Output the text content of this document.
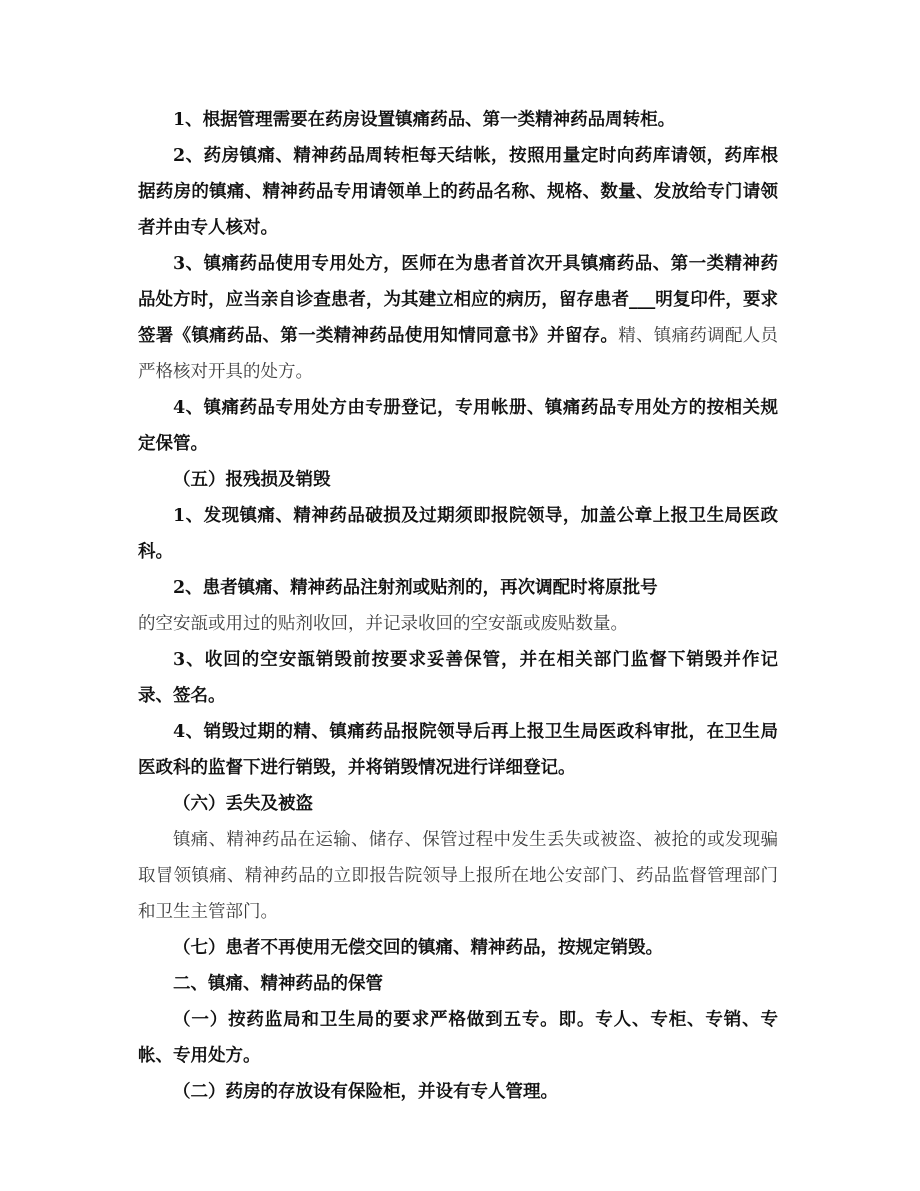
1、根据管理需要在药房设置镇痛药品、第一类精神药品周转柜。

2、药房镇痛、精神药品周转柜每天结帐，按照用量定时向药库请领，药库根据药房的镇痛、精神药品专用请领单上的药品名称、规格、数量、发放给专门请领者并由专人核对。

3、镇痛药品使用专用处方，医师在为患者首次开具镇痛药品、第一类精神药品处方时，应当亲自诊查患者，为其建立相应的病历，留存患者___明复印件，要求签署《镇痛药品、第一类精神药品使用知情同意书》并留存。精、镇痛药调配人员严格核对开具的处方。

4、镇痛药品专用处方由专册登记，专用帐册、镇痛药品专用处方的按相关规定保管。

（五）报残损及销毁

1、发现镇痛、精神药品破损及过期须即报院领导，加盖公章上报卫生局医政科。

2、患者镇痛、精神药品注射剂或贴剂的，再次调配时将原批号

的空安瓿或用过的贴剂收回，并记录收回的空安瓿或废贴数量。

3、收回的空安瓿销毁前按要求妥善保管，并在相关部门监督下销毁并作记录、签名。

4、销毁过期的精、镇痛药品报院领导后再上报卫生局医政科审批，在卫生局医政科的监督下进行销毁，并将销毁情况进行详细登记。

（六）丢失及被盗

镇痛、精神药品在运输、储存、保管过程中发生丢失或被盗、被抢的或发现骗取冒领镇痛、精神药品的立即报告院领导上报所在地公安部门、药品监督管理部门和卫生主管部门。

（七）患者不再使用无偿交回的镇痛、精神药品，按规定销毁。

二、镇痛、精神药品的保管

（一）按药监局和卫生局的要求严格做到五专。即。专人、专柜、专销、专帐、专用处方。

（二）药房的存放设有保险柜，并设有专人管理。
